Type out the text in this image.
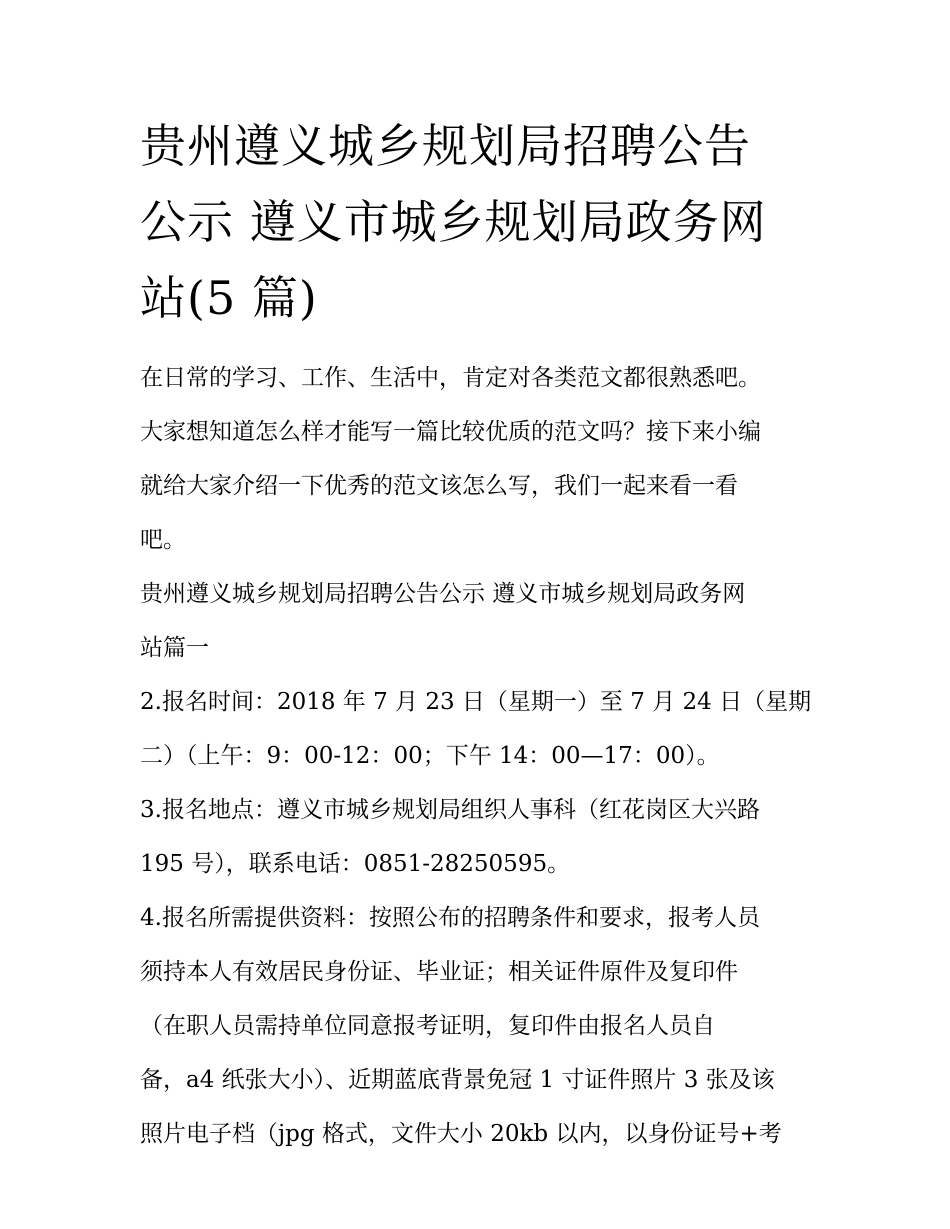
贵州遵义城乡规划局招聘公告
公示 遵义市城乡规划局政务网
站(5 篇)
在日常的学习、工作、生活中，肯定对各类范文都很熟悉吧。
大家想知道怎么样才能写一篇比较优质的范文吗？接下来小编
就给大家介绍一下优秀的范文该怎么写，我们一起来看一看
吧。
贵州遵义城乡规划局招聘公告公示 遵义市城乡规划局政务网
站篇一
2.报名时间：2018 年 7 月 23 日（星期一）至 7 月 24 日（星期
二）（上午：9：00-12：00；下午 14：00—17：00）。
3.报名地点：遵义市城乡规划局组织人事科（红花岗区大兴路
195 号），联系电话：0851-28250595。
4.报名所需提供资料：按照公布的招聘条件和要求，报考人员
须持本人有效居民身份证、毕业证；相关证件原件及复印件
（在职人员需持单位同意报考证明，复印件由报名人员自
备，a4 纸张大小）、近期蓝底背景免冠 1 寸证件照片 3 张及该
照片电子档（jpg 格式，文件大小 20kb 以内，以身份证号+考
